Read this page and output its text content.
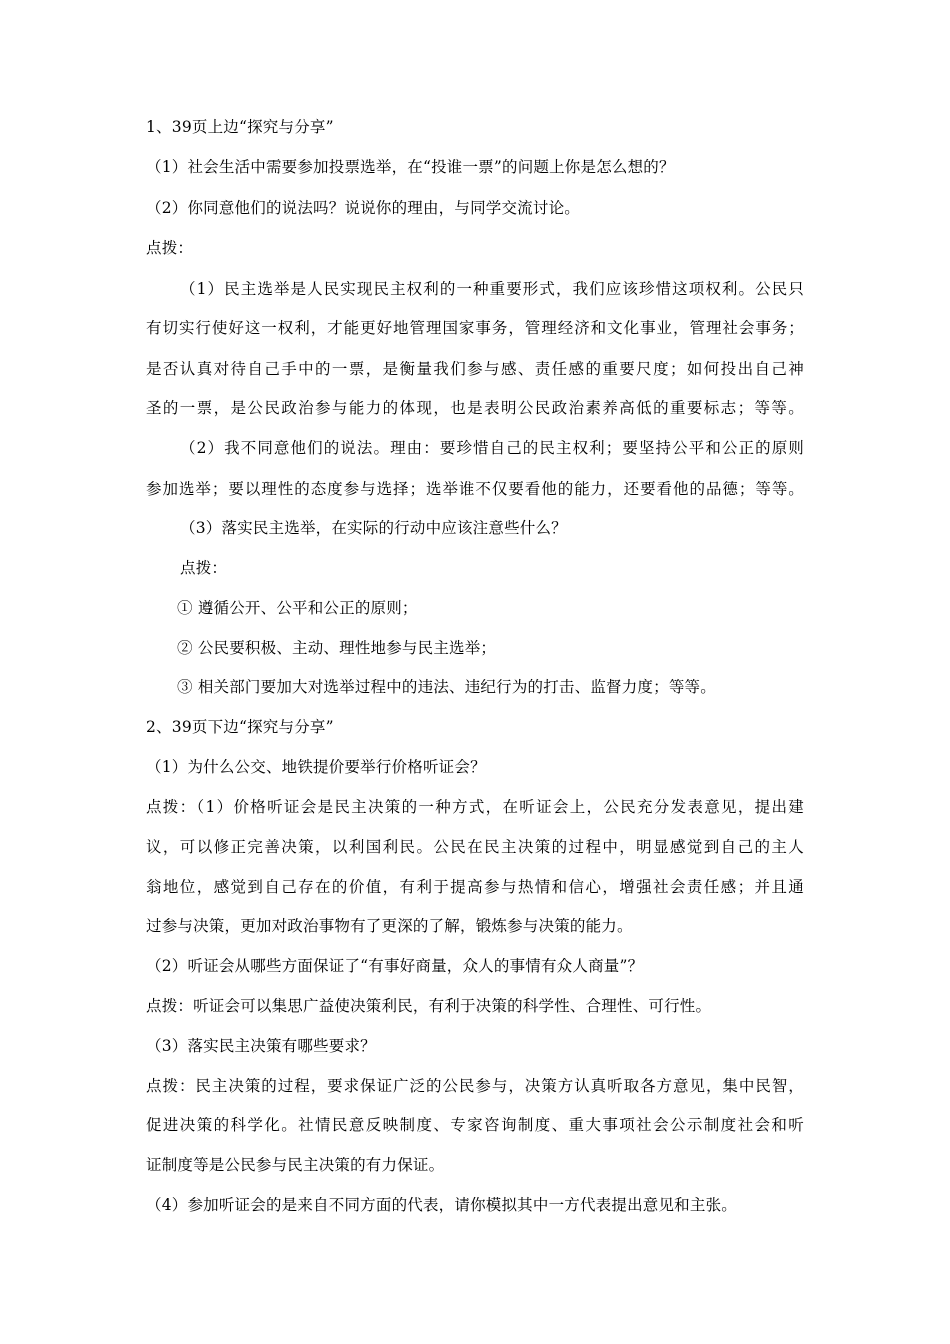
1、39页上边“探究与分享”
（1）社会生活中需要参加投票选举，在“投谁一票”的问题上你是怎么想的？
（2）你同意他们的说法吗？说说你的理由，与同学交流讨论。
点拨：
（1）民主选举是人民实现民主权利的一种重要形式，我们应该珍惜这项权利。公民只
有切实行使好这一权利，才能更好地管理国家事务，管理经济和文化事业，管理社会事务；
是否认真对待自己手中的一票，是衡量我们参与感、责任感的重要尺度；如何投出自己神
圣的一票，是公民政治参与能力的体现，也是表明公民政治素养高低的重要标志；等等。
（2）我不同意他们的说法。理由：要珍惜自己的民主权利；要坚持公平和公正的原则
参加选举；要以理性的态度参与选择；选举谁不仅要看他的能力，还要看他的品德；等等。
（3）落实民主选举，在实际的行动中应该注意些什么？
点拨：
① 遵循公开、公平和公正的原则；
② 公民要积极、主动、理性地参与民主选举；
③ 相关部门要加大对选举过程中的违法、违纪行为的打击、监督力度；等等。
2、39页下边“探究与分享”
（1）为什么公交、地铁提价要举行价格听证会？
点拨：（1）价格听证会是民主决策的一种方式，在听证会上，公民充分发表意见，提出建
议，可以修正完善决策，以利国利民。公民在民主决策的过程中，明显感觉到自己的主人
翁地位，感觉到自己存在的价值，有利于提高参与热情和信心，增强社会责任感；并且通
过参与决策，更加对政治事物有了更深的了解，锻炼参与决策的能力。
（2）听证会从哪些方面保证了“有事好商量，众人的事情有众人商量”？
点拨：听证会可以集思广益使决策利民，有利于决策的科学性、合理性、可行性。
（3）落实民主决策有哪些要求？
点拨：民主决策的过程，要求保证广泛的公民参与，决策方认真听取各方意见，集中民智，
促进决策的科学化。社情民意反映制度、专家咨询制度、重大事项社会公示制度社会和听
证制度等是公民参与民主决策的有力保证。
（4）参加听证会的是来自不同方面的代表，请你模拟其中一方代表提出意见和主张。
